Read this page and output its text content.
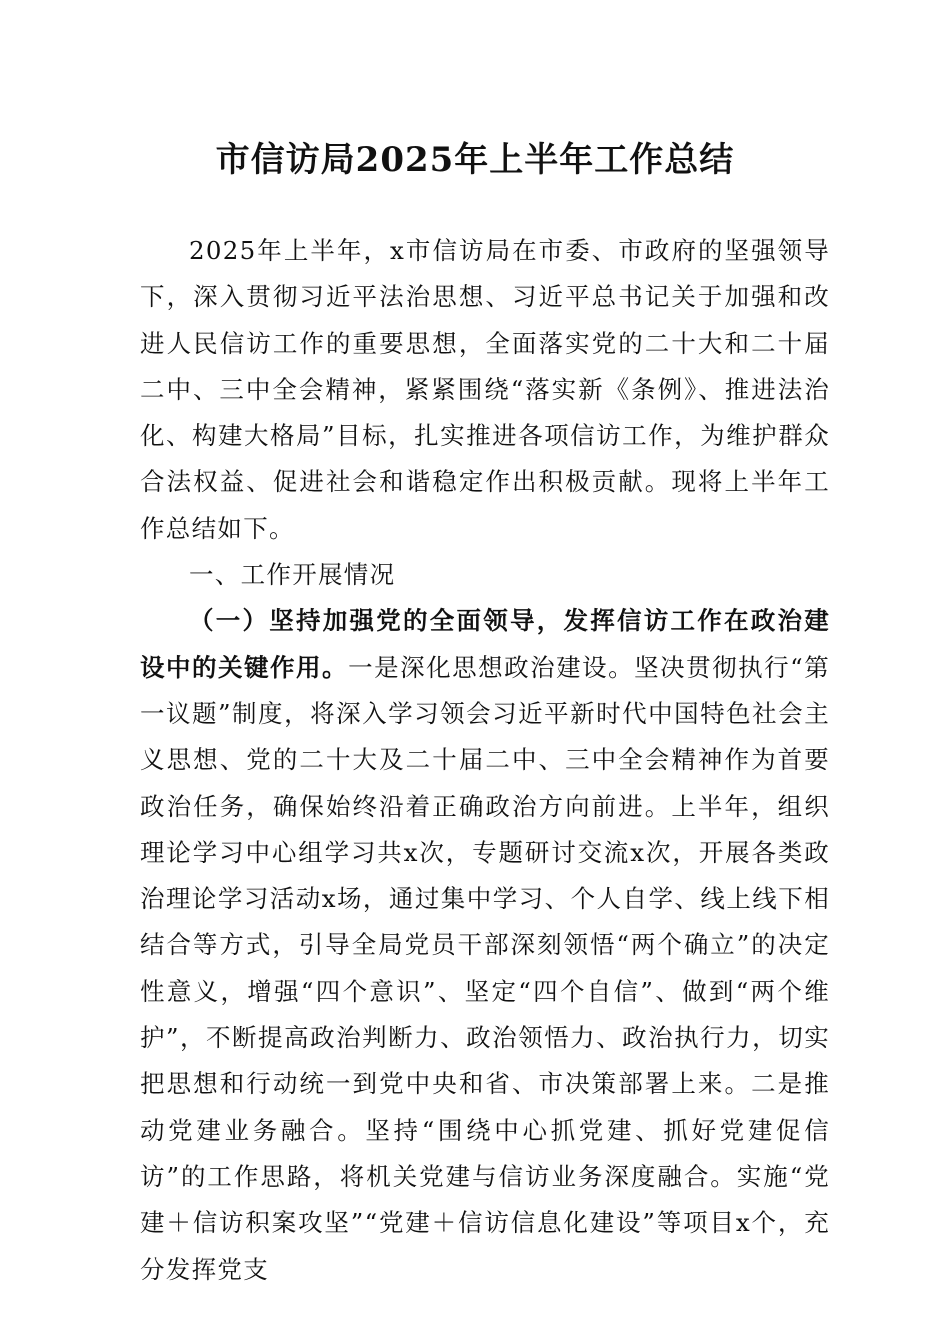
市信访局2025年上半年工作总结

2025年上半年，x市信访局在市委、市政府的坚强领导下，深入贯彻习近平法治思想、习近平总书记关于加强和改进人民信访工作的重要思想，全面落实党的二十大和二十届二中、三中全会精神，紧紧围绕“落实新《条例》、推进法治化、构建大格局”目标，扎实推进各项信访工作，为维护群众合法权益、促进社会和谐稳定作出积极贡献。现将上半年工作总结如下。

一、工作开展情况

（一）坚持加强党的全面领导，发挥信访工作在政治建设中的关键作用。一是深化思想政治建设。坚决贯彻执行“第一议题”制度，将深入学习领会习近平新时代中国特色社会主义思想、党的二十大及二十届二中、三中全会精神作为首要政治任务，确保始终沿着正确政治方向前进。上半年，组织理论学习中心组学习共x次，专题研讨交流x次，开展各类政治理论学习活动x场，通过集中学习、个人自学、线上线下相结合等方式，引导全局党员干部深刻领悟“两个确立”的决定性意义，增强“四个意识”、坚定“四个自信”、做到“两个维护”，不断提高政治判断力、政治领悟力、政治执行力，切实把思想和行动统一到党中央和省、市决策部署上来。二是推动党建业务融合。坚持“围绕中心抓党建、抓好党建促信访”的工作思路，将机关党建与信访业务深度融合。实施“党建＋信访积案攻坚”“党建＋信访信息化建设”等项目x个，充分发挥党支
